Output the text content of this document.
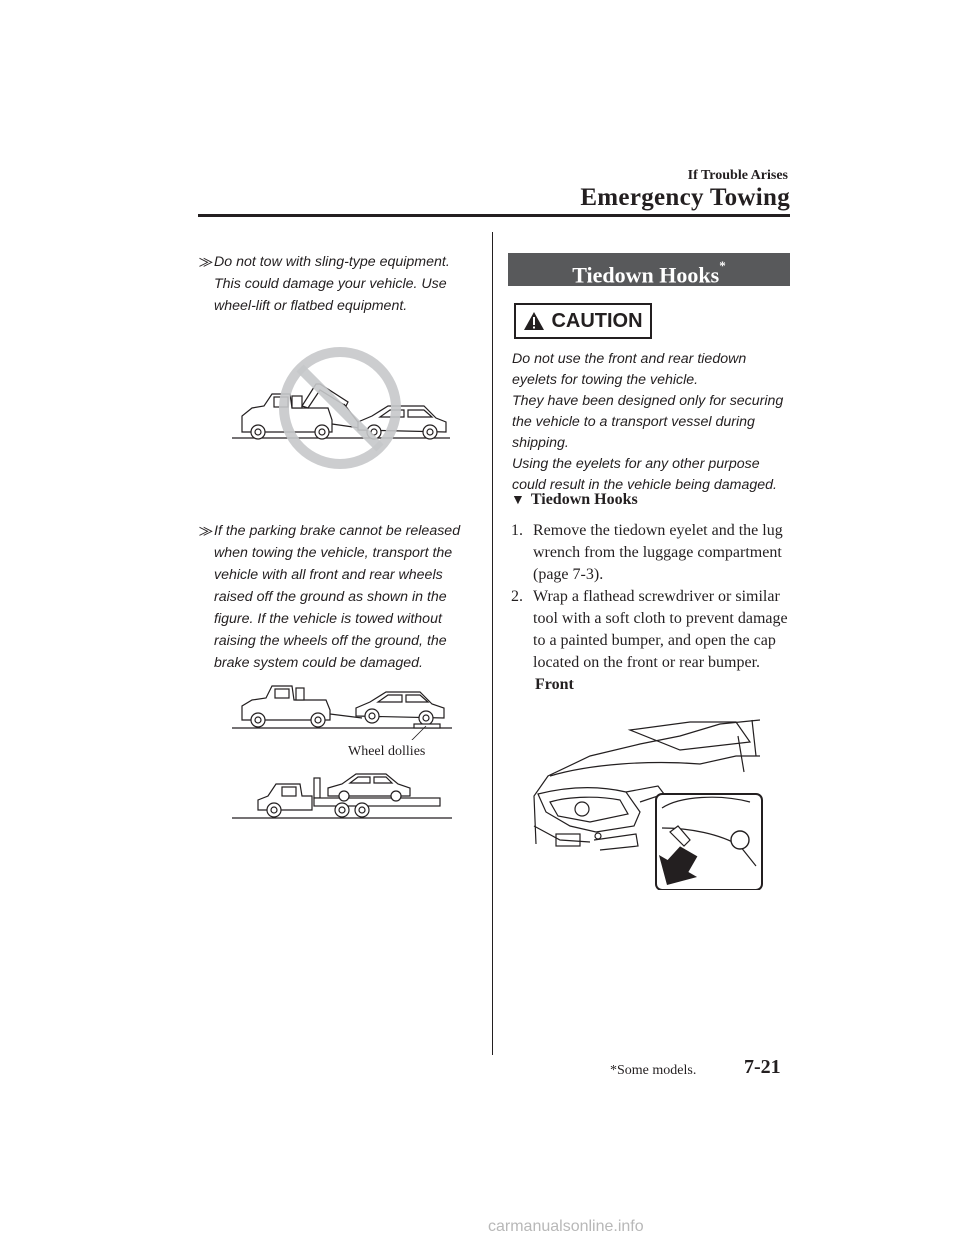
If Trouble Arises
Emergency Towing
⨠ Do not tow with sling-type equipment. This could damage your vehicle. Use wheel-lift or flatbed equipment.
⨠ If the parking brake cannot be released when towing the vehicle, transport the vehicle with all front and rear wheels raised off the ground as shown in the figure. If the vehicle is towed without raising the wheels off the ground, the brake system could be damaged.
Wheel dollies
Tiedown Hooks*
CAUTION

Do not use the front and rear tiedown eyelets for towing the vehicle.

They have been designed only for securing the vehicle to a transport vessel during shipping.

Using the eyelets for any other purpose could result in the vehicle being damaged.

▼ Tiedown Hooks
1. Remove the tiedown eyelet and the lug wrench from the luggage compartment (page 7-3).
2. Wrap a flathead screwdriver or similar tool with a soft cloth to prevent damage to a painted bumper, and open the cap located on the front or rear bumper.
Front
*Some models. 7-21
carmanualsonline.info
